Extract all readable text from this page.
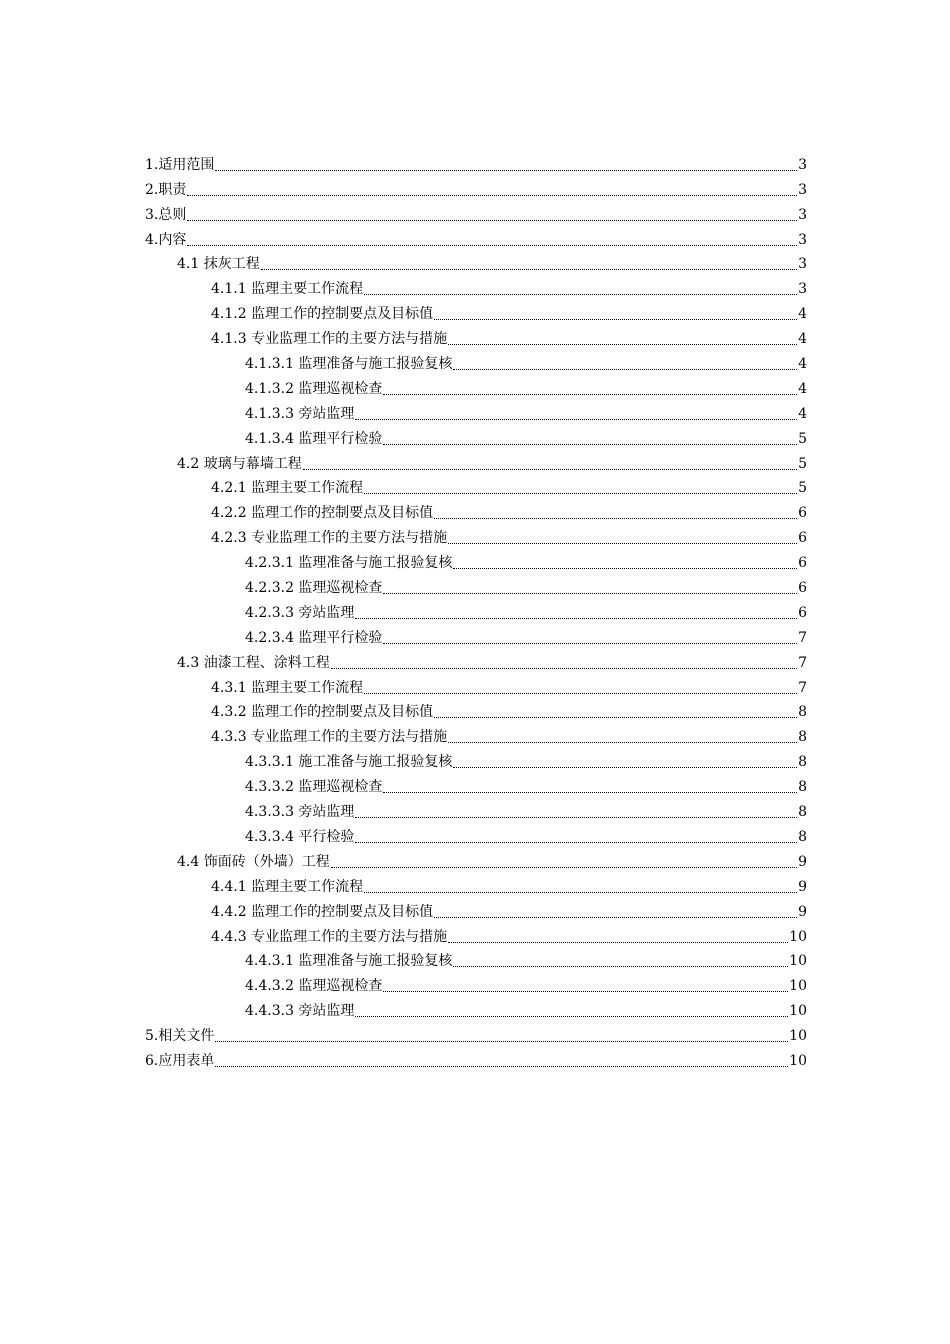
1.适用范围	3
2.职责	3
3.总则	3
4.内容	3
4.1 抹灰工程	3
4.1.1 监理主要工作流程	3
4.1.2 监理工作的控制要点及目标值	4
4.1.3 专业监理工作的主要方法与措施	4
4.1.3.1 监理准备与施工报验复核	4
4.1.3.2 监理巡视检查	4
4.1.3.3 旁站监理	4
4.1.3.4 监理平行检验	5
4.2 玻璃与幕墙工程	5
4.2.1 监理主要工作流程	5
4.2.2 监理工作的控制要点及目标值	6
4.2.3 专业监理工作的主要方法与措施	6
4.2.3.1 监理准备与施工报验复核	6
4.2.3.2 监理巡视检查	6
4.2.3.3 旁站监理	6
4.2.3.4 监理平行检验	7
4.3 油漆工程、涂料工程	7
4.3.1 监理主要工作流程	7
4.3.2 监理工作的控制要点及目标值	8
4.3.3 专业监理工作的主要方法与措施	8
4.3.3.1 施工准备与施工报验复核	8
4.3.3.2 监理巡视检查	8
4.3.3.3 旁站监理	8
4.3.3.4 平行检验	8
4.4 饰面砖（外墙）工程	9
4.4.1 监理主要工作流程	9
4.4.2 监理工作的控制要点及目标值	9
4.4.3 专业监理工作的主要方法与措施	10
4.4.3.1 监理准备与施工报验复核	10
4.4.3.2 监理巡视检查	10
4.4.3.3 旁站监理	10
5.相关文件	10
6.应用表单	10
